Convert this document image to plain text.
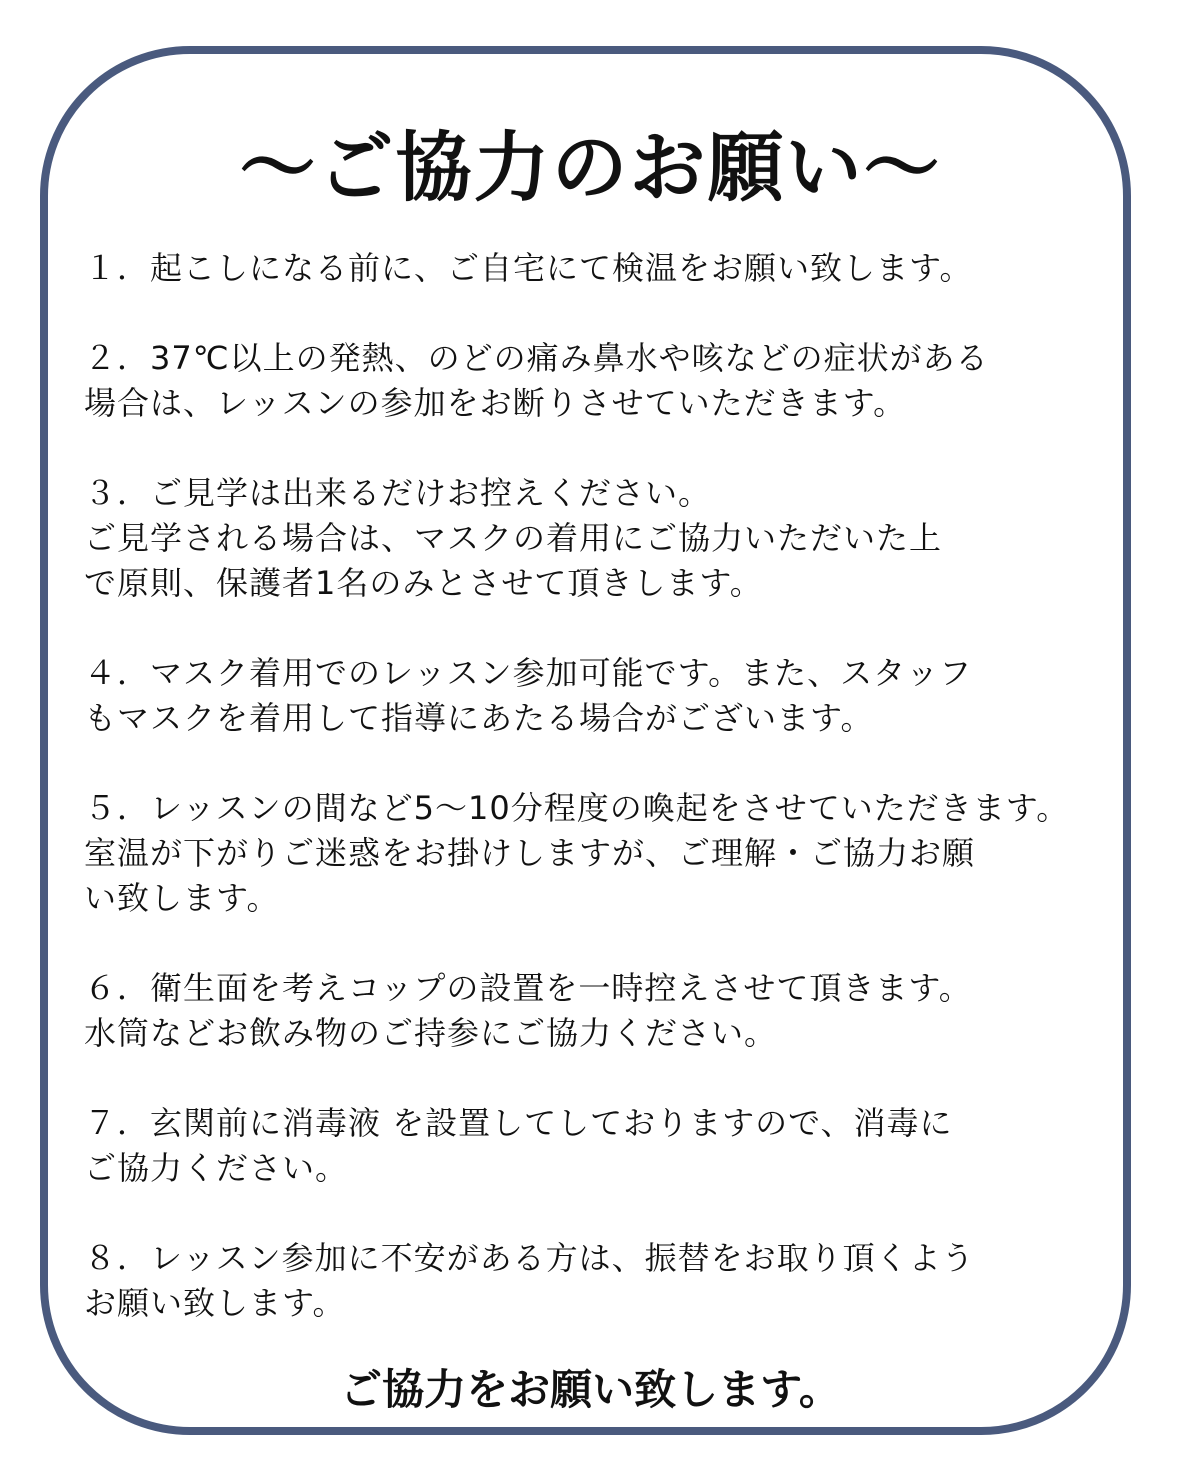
〜ご協力のお願い〜
１．起こしになる前に、ご自宅にて検温をお願い致します。
２．37℃以上の発熱、のどの痛み鼻水や咳などの症状がある
場合は、レッスンの参加をお断りさせていただきます。
３．ご見学は出来るだけお控えください。
ご見学される場合は、マスクの着用にご協力いただいた上
で原則、保護者1名のみとさせて頂きします。
４．マスク着用でのレッスン参加可能です。また、スタッフ
もマスクを着用して指導にあたる場合がございます。
５．レッスンの間など5〜10分程度の喚起をさせていただきます。
室温が下がりご迷惑をお掛けしますが、ご理解・ご協力お願
い致します。
６．衛生面を考えコップの設置を一時控えさせて頂きます。
水筒などお飲み物のご持参にご協力ください。
７．玄関前に消毒液 を設置してしておりますので、消毒に
ご協力ください。
８．レッスン参加に不安がある方は、振替をお取り頂くよう
お願い致します。

ご協力をお願い致します。
